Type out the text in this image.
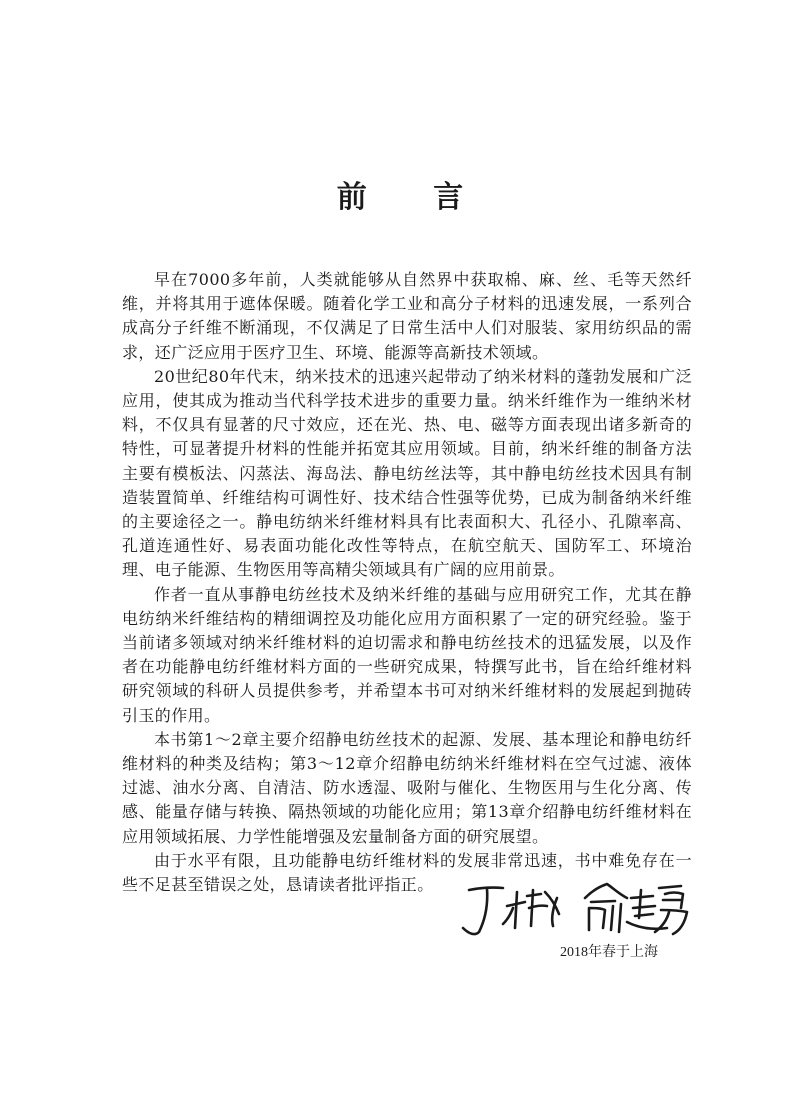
前 言

早在7000多年前，人类就能够从自然界中获取棉、麻、丝、毛等天然纤维，并将其用于遮体保暖。随着化学工业和高分子材料的迅速发展，一系列合成高分子纤维不断涌现，不仅满足了日常生活中人们对服装、家用纺织品的需求，还广泛应用于医疗卫生、环境、能源等高新技术领域。

20世纪80年代末，纳米技术的迅速兴起带动了纳米材料的蓬勃发展和广泛应用，使其成为推动当代科学技术进步的重要力量。纳米纤维作为一维纳米材料，不仅具有显著的尺寸效应，还在光、热、电、磁等方面表现出诸多新奇的特性，可显著提升材料的性能并拓宽其应用领域。目前，纳米纤维的制备方法主要有模板法、闪蒸法、海岛法、静电纺丝法等，其中静电纺丝技术因具有制造装置简单、纤维结构可调性好、技术结合性强等优势，已成为制备纳米纤维的主要途径之一。静电纺纳米纤维材料具有比表面积大、孔径小、孔隙率高、孔道连通性好、易表面功能化改性等特点，在航空航天、国防军工、环境治理、电子能源、生物医用等高精尖领域具有广阔的应用前景。

作者一直从事静电纺丝技术及纳米纤维的基础与应用研究工作，尤其在静电纺纳米纤维结构的精细调控及功能化应用方面积累了一定的研究经验。鉴于当前诸多领域对纳米纤维材料的迫切需求和静电纺丝技术的迅猛发展，以及作者在功能静电纺纤维材料方面的一些研究成果，特撰写此书，旨在给纤维材料研究领域的科研人员提供参考，并希望本书可对纳米纤维材料的发展起到抛砖引玉的作用。

本书第1～2章主要介绍静电纺丝技术的起源、发展、基本理论和静电纺纤维材料的种类及结构；第3～12章介绍静电纺纳米纤维材料在空气过滤、液体过滤、油水分离、自清洁、防水透湿、吸附与催化、生物医用与生化分离、传感、能量存储与转换、隔热领域的功能化应用；第13章介绍静电纺纤维材料在应用领域拓展、力学性能增强及宏量制备方面的研究展望。

由于水平有限，且功能静电纺纤维材料的发展非常迅速，书中难免存在一些不足甚至错误之处，恳请读者批评指正。

2018年春于上海
